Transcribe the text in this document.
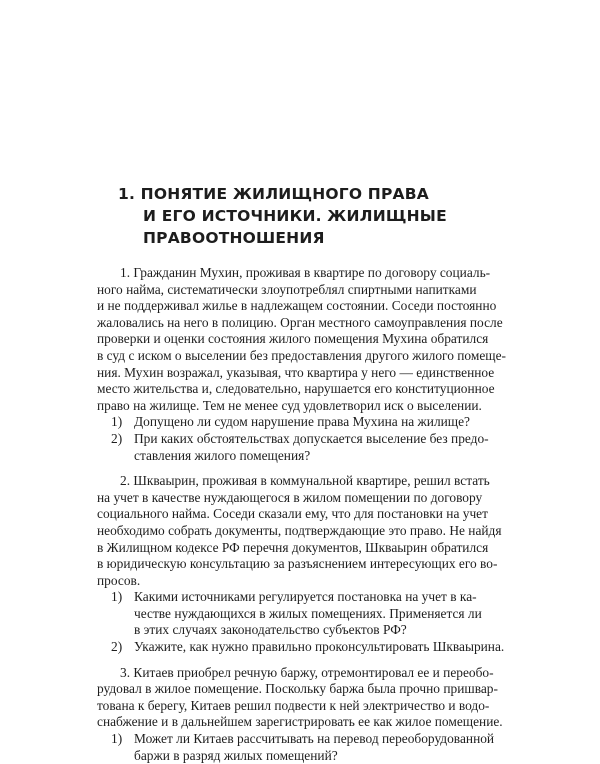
1. ПОНЯТИЕ ЖИЛИЩНОГО ПРАВА
И ЕГО ИСТОЧНИКИ. ЖИЛИЩНЫЕ
ПРАВООТНОШЕНИЯ
1. Гражданин Мухин, проживая в квартире по договору социаль-
ного найма, систематически злоупотреблял спиртными напитками
и не поддерживал жилье в надлежащем состоянии. Соседи постоянно
жаловались на него в полицию. Орган местного самоуправления после
проверки и оценки состояния жилого помещения Мухина обратился
в суд с иском о выселении без предоставления другого жилого помеще-
ния. Мухин возражал, указывая, что квартира у него — единственное
место жительства и, следовательно, нарушается его конституционное
право на жилище. Тем не менее суд удовлетворил иск о выселении.
1) Допущено ли судом нарушение права Мухина на жилище?
2) При каких обстоятельствах допускается выселение без предо-
ставления жилого помещения?
2. Шкваырин, проживая в коммунальной квартире, решил встать
на учет в качестве нуждающегося в жилом помещении по договору
социального найма. Соседи сказали ему, что для постановки на учет
необходимо собрать документы, подтверждающие это право. Не найдя
в Жилищном кодексе РФ перечня документов, Шкваырин обратился
в юридическую консультацию за разъяснением интересующих его во-
просов.
1) Какими источниками регулируется постановка на учет в ка-
честве нуждающихся в жилых помещениях. Применяется ли
в этих случаях законодательство субъектов РФ?
2) Укажите, как нужно правильно проконсультировать Шкваырина.
3. Китаев приобрел речную баржу, отремонтировал ее и переобо-
рудовал в жилое помещение. Поскольку баржа была прочно пришвар-
тована к берегу, Китаев решил подвести к ней электричество и водо-
снабжение и в дальнейшем зарегистрировать ее как жилое помещение.
1) Может ли Китаев рассчитывать на перевод переоборудованной
баржи в разряд жилых помещений?
